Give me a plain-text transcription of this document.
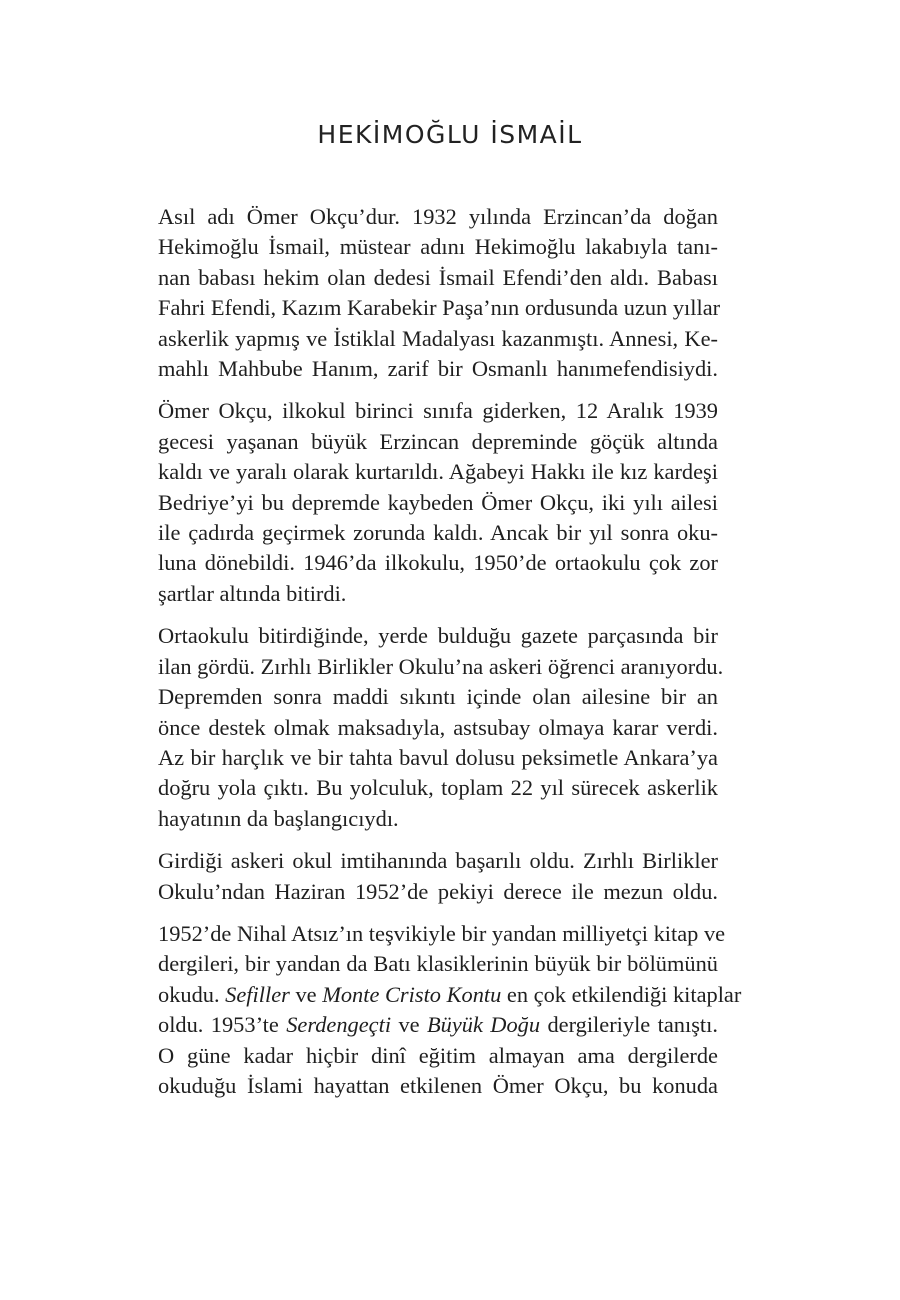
HEKİMOĞLU İSMAİL
Asıl adı Ömer Okçu’dur. 1932 yılında Erzincan’da doğan
Hekimoğlu İsmail, müstear adını Hekimoğlu lakabıyla tanı-
nan babası hekim olan dedesi İsmail Efendi’den aldı. Babası
Fahri Efendi, Kazım Karabekir Paşa’nın ordusunda uzun yıllar
askerlik yapmış ve İstiklal Madalyası kazanmıştı. Annesi, Ke-
mahlı Mahbube Hanım, zarif bir Osmanlı hanımefendisiydi.
Ömer Okçu, ilkokul birinci sınıfa giderken, 12 Aralık 1939
gecesi yaşanan büyük Erzincan depreminde göçük altında
kaldı ve yaralı olarak kurtarıldı. Ağabeyi Hakkı ile kız kardeşi
Bedriye’yi bu depremde kaybeden Ömer Okçu, iki yılı ailesi
ile çadırda geçirmek zorunda kaldı. Ancak bir yıl sonra oku-
luna dönebildi. 1946’da ilkokulu, 1950’de ortaokulu çok zor
şartlar altında bitirdi.
Ortaokulu bitirdiğinde, yerde bulduğu gazete parçasında bir
ilan gördü. Zırhlı Birlikler Okulu’na askeri öğrenci aranıyordu.
Depremden sonra maddi sıkıntı içinde olan ailesine bir an
önce destek olmak maksadıyla, astsubay olmaya karar verdi.
Az bir harçlık ve bir tahta bavul dolusu peksimetle Ankara’ya
doğru yola çıktı. Bu yolculuk, toplam 22 yıl sürecek askerlik
hayatının da başlangıcıydı.
Girdiği askeri okul imtihanında başarılı oldu. Zırhlı Birlikler
Okulu’ndan Haziran 1952’de pekiyi derece ile mezun oldu.
1952’de Nihal Atsız’ın teşvikiyle bir yandan milliyetçi kitap ve
dergileri, bir yandan da Batı klasiklerinin büyük bir bölümünü
okudu. Sefiller ve Monte Cristo Kontu en çok etkilendiği kitaplar
oldu. 1953’te Serdengeçti ve Büyük Doğu dergileriyle tanıştı.
O güne kadar hiçbir dinî eğitim almayan ama dergilerde
okuduğu İslami hayattan etkilenen Ömer Okçu, bu konuda
